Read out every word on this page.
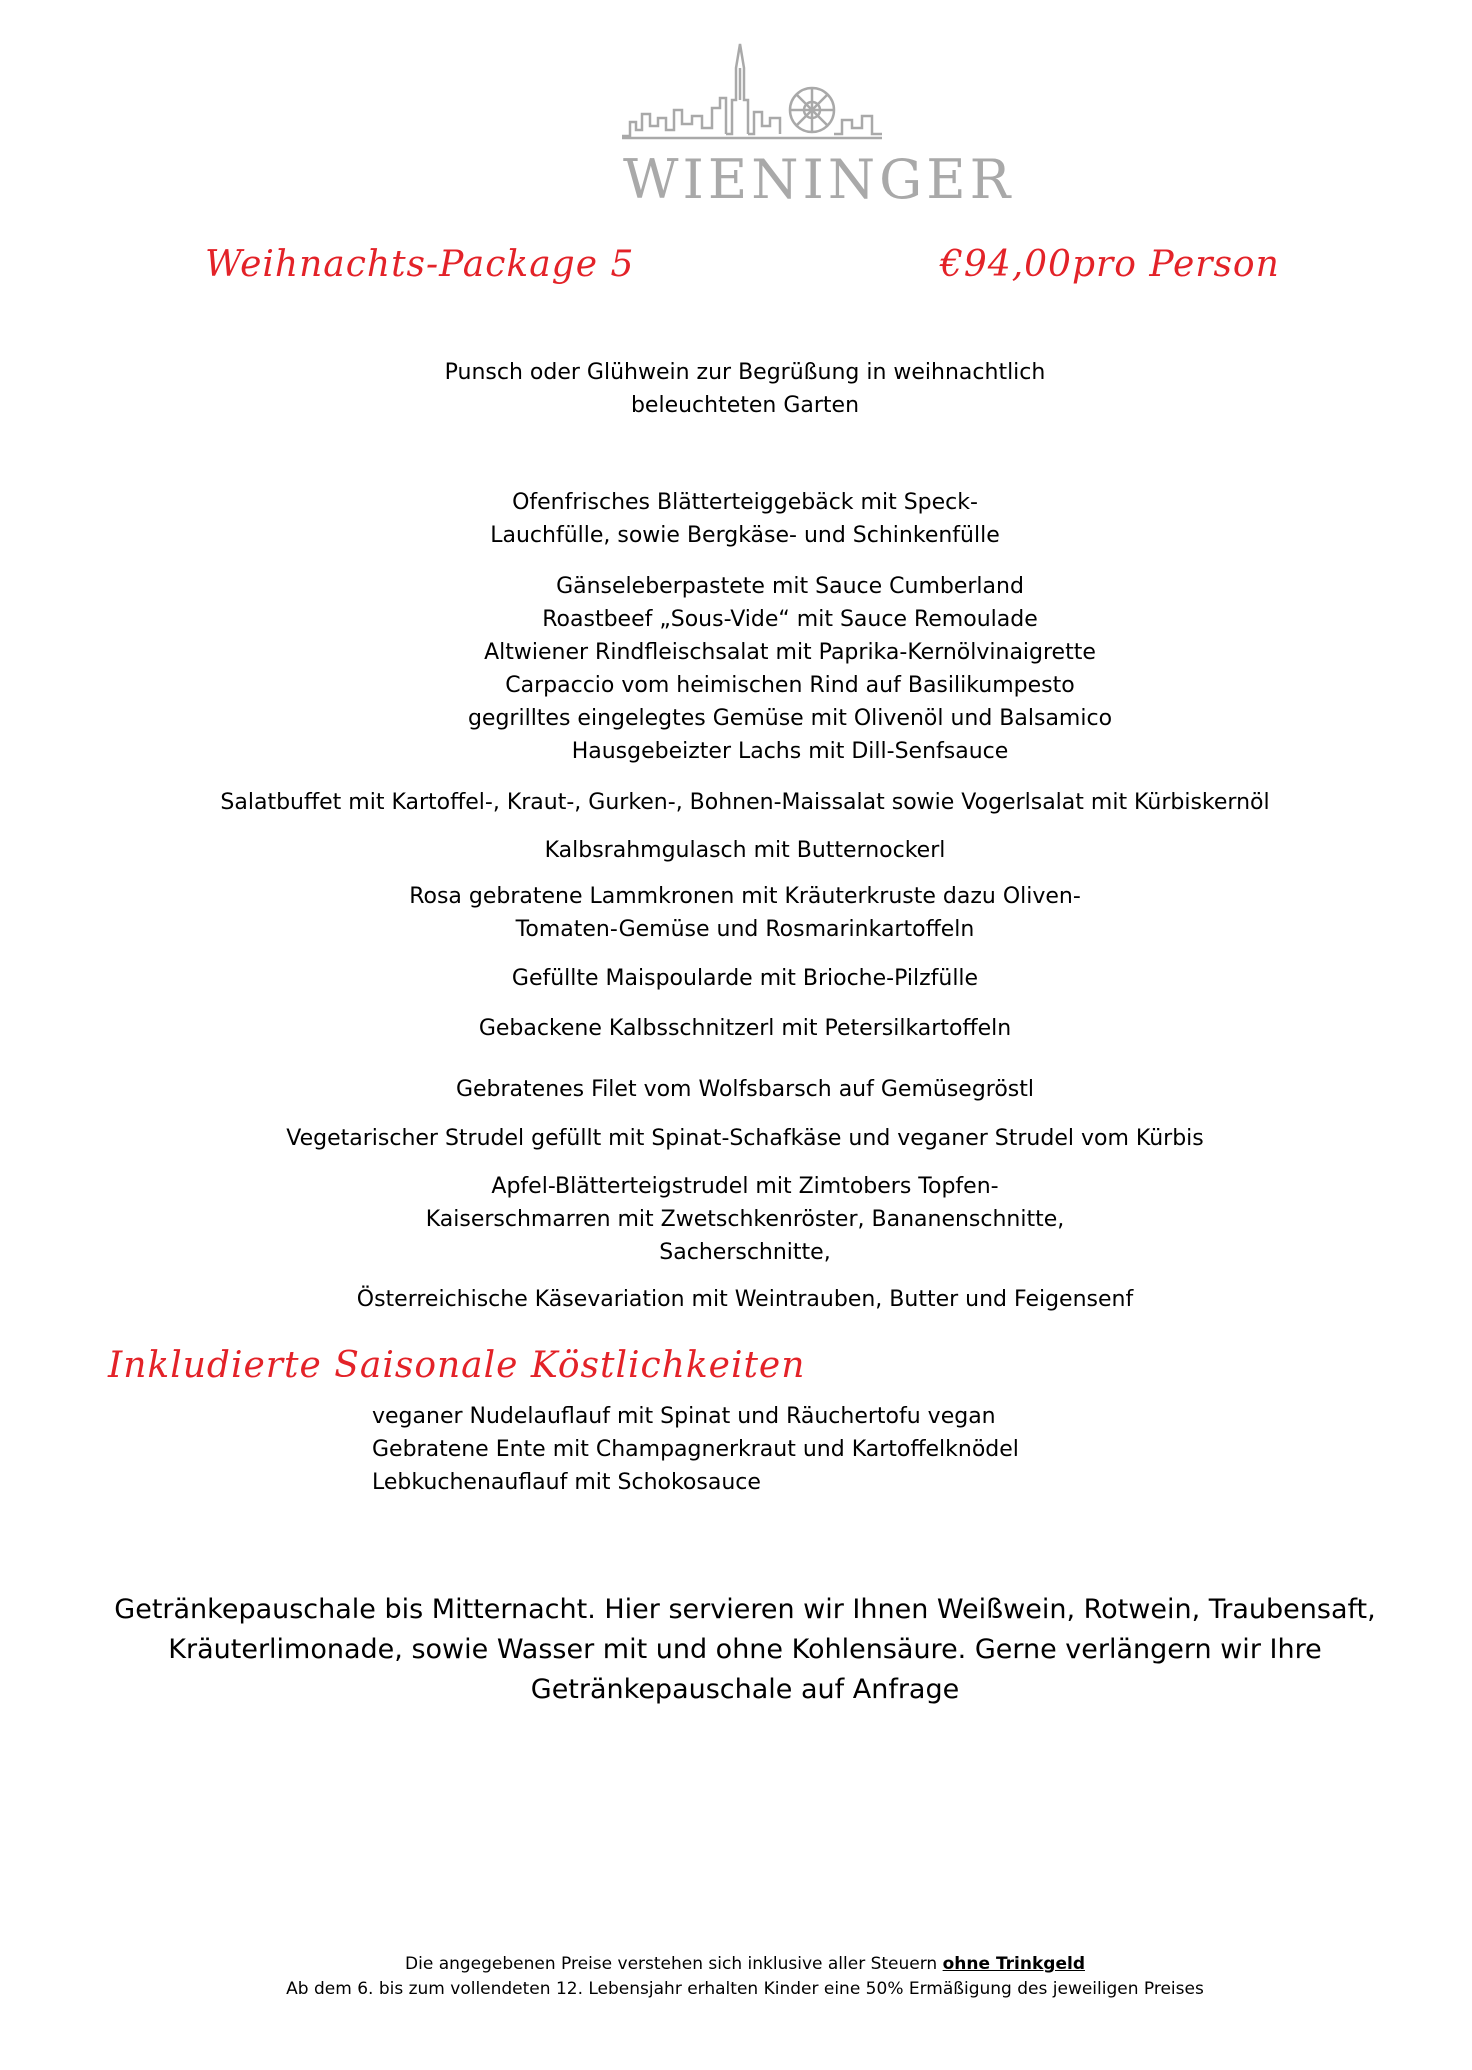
WIENINGER
Weihnachts-Package 5	€94,00pro Person
Punsch oder Glühwein zur Begrüßung in weihnachtlich
beleuchteten Garten
Ofenfrisches Blätterteiggebäck mit Speck-
Lauchfülle, sowie Bergkäse- und Schinkenfülle
Gänseleberpastete mit Sauce Cumberland
Roastbeef „Sous-Vide“ mit Sauce Remoulade
Altwiener Rindfleischsalat mit Paprika-Kernölvinaigrette
Carpaccio vom heimischen Rind auf Basilikumpesto
gegrilltes eingelegtes Gemüse mit Olivenöl und Balsamico
Hausgebeizter Lachs mit Dill-Senfsauce
Salatbuffet mit Kartoffel-, Kraut-, Gurken-, Bohnen-Maissalat sowie Vogerlsalat mit Kürbiskernöl
Kalbsrahmgulasch mit Butternockerl
Rosa gebratene Lammkronen mit Kräuterkruste dazu Oliven-
Tomaten-Gemüse und Rosmarinkartoffeln
Gefüllte Maispoularde mit Brioche-Pilzfülle
Gebackene Kalbsschnitzerl mit Petersilkartoffeln
Gebratenes Filet vom Wolfsbarsch auf Gemüsegröstl
Vegetarischer Strudel gefüllt mit Spinat-Schafkäse und veganer Strudel vom Kürbis
Apfel-Blätterteigstrudel mit Zimtobers Topfen-
Kaiserschmarren mit Zwetschkenröster, Bananenschnitte,
Sacherschnitte,
Österreichische Käsevariation mit Weintrauben, Butter und Feigensenf
Inkludierte Saisonale Köstlichkeiten
veganer Nudelauflauf mit Spinat und Räuchertofu vegan
Gebratene Ente mit Champagnerkraut und Kartoffelknödel
Lebkuchenauflauf mit Schokosauce
Getränkepauschale bis Mitternacht. Hier servieren wir Ihnen Weißwein, Rotwein, Traubensaft,
Kräuterlimonade, sowie Wasser mit und ohne Kohlensäure. Gerne verlängern wir Ihre
Getränkepauschale auf Anfrage
Die angegebenen Preise verstehen sich inklusive aller Steuern ohne Trinkgeld
Ab dem 6. bis zum vollendeten 12. Lebensjahr erhalten Kinder eine 50% Ermäßigung des jeweiligen Preises
